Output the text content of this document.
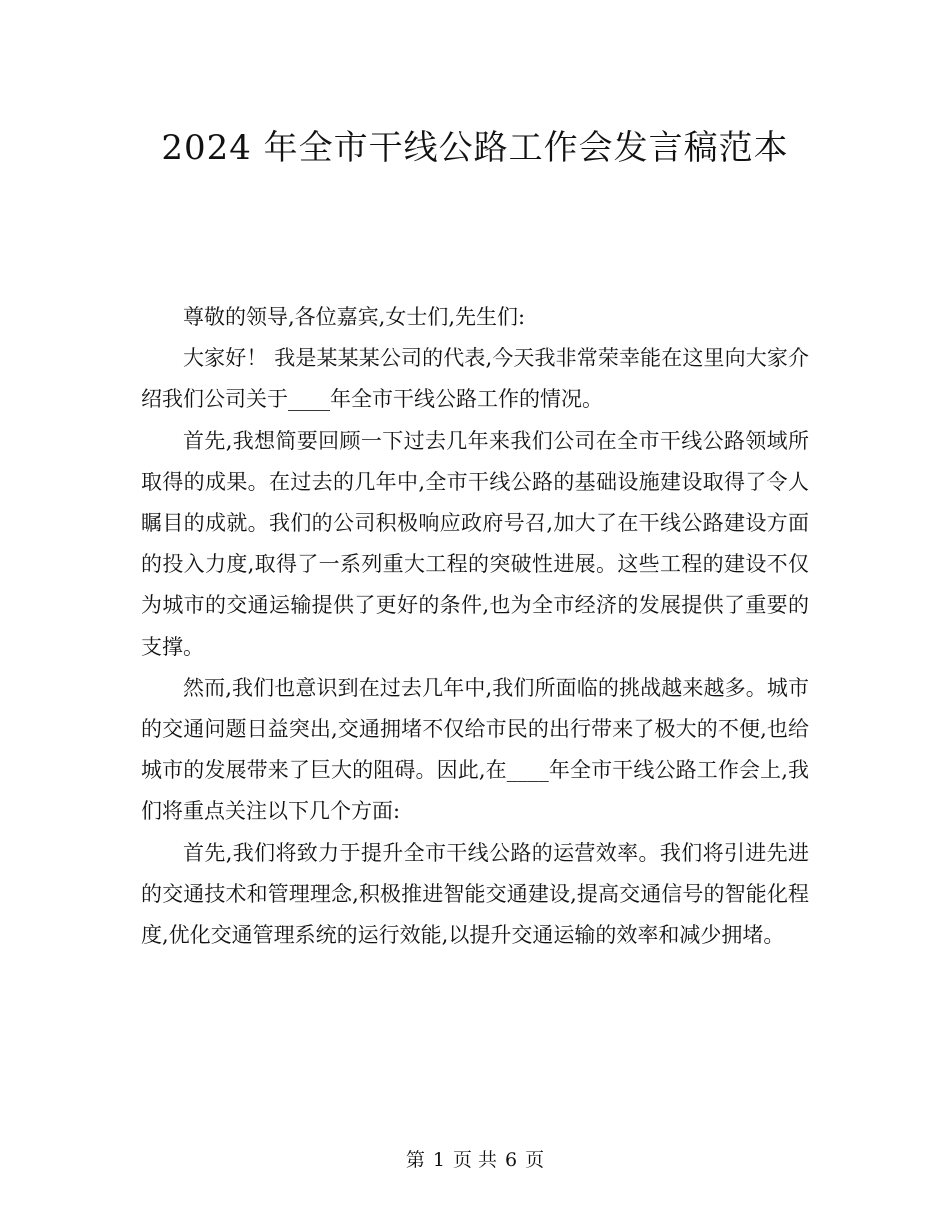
2024 年全市干线公路工作会发言稿范本

尊敬的领导,各位嘉宾,女士们,先生们:

大家好！ 我是某某某公司的代表,今天我非常荣幸能在这里向大家介绍我们公司关于____年全市干线公路工作的情况。

首先,我想简要回顾一下过去几年来我们公司在全市干线公路领域所取得的成果。在过去的几年中,全市干线公路的基础设施建设取得了令人瞩目的成就。我们的公司积极响应政府号召,加大了在干线公路建设方面的投入力度,取得了一系列重大工程的突破性进展。这些工程的建设不仅为城市的交通运输提供了更好的条件,也为全市经济的发展提供了重要的支撑。

然而,我们也意识到在过去几年中,我们所面临的挑战越来越多。城市的交通问题日益突出,交通拥堵不仅给市民的出行带来了极大的不便,也给城市的发展带来了巨大的阻碍。因此,在____年全市干线公路工作会上,我们将重点关注以下几个方面:

首先,我们将致力于提升全市干线公路的运营效率。我们将引进先进的交通技术和管理理念,积极推进智能交通建设,提高交通信号的智能化程度,优化交通管理系统的运行效能,以提升交通运输的效率和减少拥堵。

第 1 页 共 6 页
